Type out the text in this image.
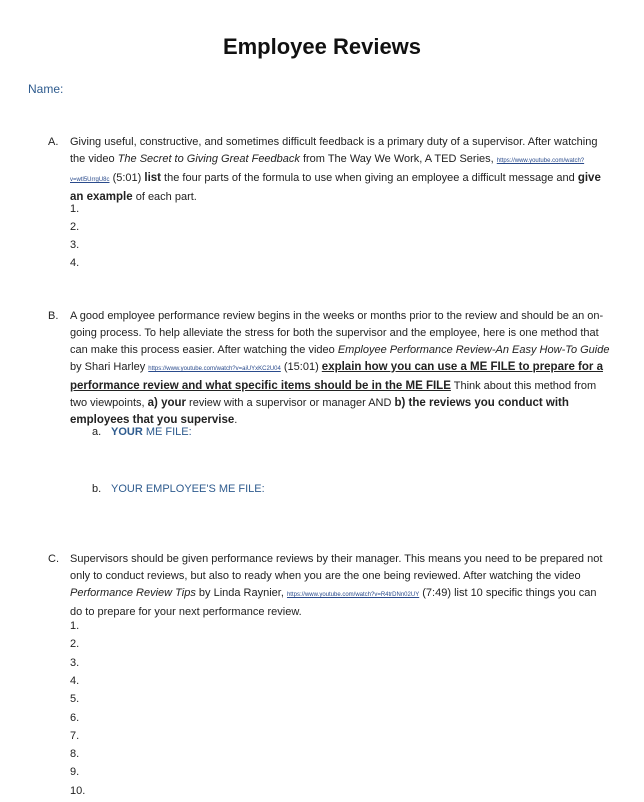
Employee Reviews
Name:
A. Giving useful, constructive, and sometimes difficult feedback is a primary duty of a supervisor. After watching the video The Secret to Giving Great Feedback from The Way We Work, A TED Series, https://www.youtube.com/watch?v=wtl5UrrgU8c (5:01) list the four parts of the formula to use when giving an employee a difficult message and give an example of each part.
1.
2.
3.
4.
B. A good employee performance review begins in the weeks or months prior to the review and should be an on-going process. To help alleviate the stress for both the supervisor and the employee, here is one method that can make this process easier. After watching the video Employee Performance Review-An Easy How-To Guide by Shari Harley https://www.youtube.com/watch?v=aiUYxKC2U04 (15:01) explain how you can use a ME FILE to prepare for a performance review and what specific items should be in the ME FILE Think about this method from two viewpoints, a) your review with a supervisor or manager AND b) the reviews you conduct with employees that you supervise.
a. YOUR ME FILE:
b. YOUR EMPLOYEE'S ME FILE:
C. Supervisors should be given performance reviews by their manager. This means you need to be prepared not only to conduct reviews, but also to ready when you are the one being reviewed. After watching the video Performance Review Tips by Linda Raynier, https://www.youtube.com/watch?v=R4trDNn02UY (7:49) list 10 specific things you can do to prepare for your next performance review.
1.
2.
3.
4.
5.
6.
7.
8.
9.
10.
